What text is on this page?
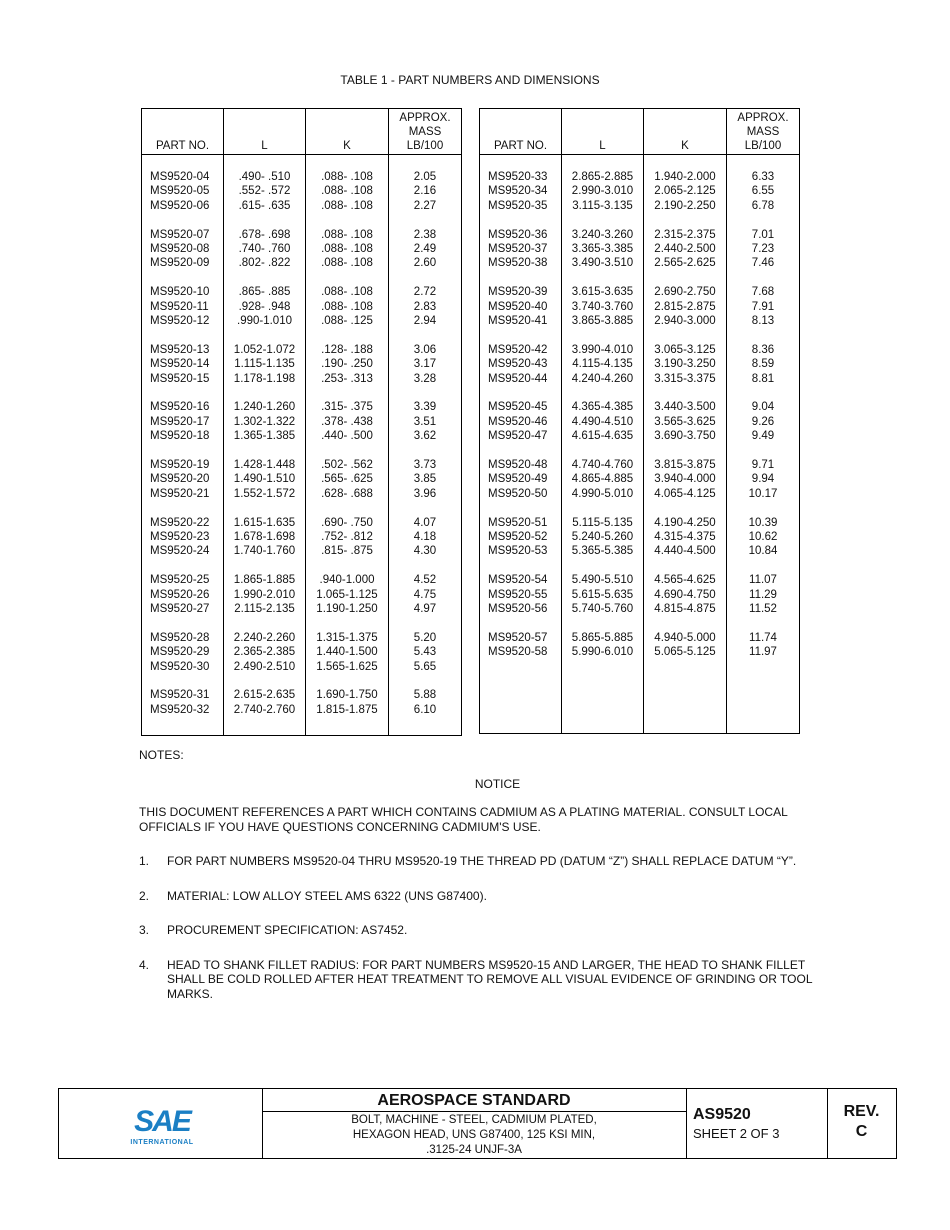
TABLE 1 - PART NUMBERS AND DIMENSIONS
PART NO.	L	K	APPROX.
MASS
LB/100
MS9520-04	.490- .510	.088- .108	2.05
MS9520-05	.552- .572	.088- .108	2.16
MS9520-06	.615- .635	.088- .108	2.27

MS9520-07	.678- .698	.088- .108	2.38
MS9520-08	.740- .760	.088- .108	2.49
MS9520-09	.802- .822	.088- .108	2.60

MS9520-10	.865- .885	.088- .108	2.72
MS9520-11	.928- .948	.088- .108	2.83
MS9520-12	.990-1.010	.088- .125	2.94

MS9520-13	1.052-1.072	.128- .188	3.06
MS9520-14	1.115-1.135	.190- .250	3.17
MS9520-15	1.178-1.198	.253- .313	3.28

MS9520-16	1.240-1.260	.315- .375	3.39
MS9520-17	1.302-1.322	.378- .438	3.51
MS9520-18	1.365-1.385	.440- .500	3.62

MS9520-19	1.428-1.448	.502- .562	3.73
MS9520-20	1.490-1.510	.565- .625	3.85
MS9520-21	1.552-1.572	.628- .688	3.96

MS9520-22	1.615-1.635	.690- .750	4.07
MS9520-23	1.678-1.698	.752- .812	4.18
MS9520-24	1.740-1.760	.815- .875	4.30

MS9520-25	1.865-1.885	.940-1.000	4.52
MS9520-26	1.990-2.010	1.065-1.125	4.75
MS9520-27	2.115-2.135	1.190-1.250	4.97

MS9520-28	2.240-2.260	1.315-1.375	5.20
MS9520-29	2.365-2.385	1.440-1.500	5.43
MS9520-30	2.490-2.510	1.565-1.625	5.65

MS9520-31	2.615-2.635	1.690-1.750	5.88
MS9520-32	2.740-2.760	1.815-1.875	6.10

PART NO.	L	K	APPROX.
MASS
LB/100
MS9520-33	2.865-2.885	1.940-2.000	6.33
MS9520-34	2.990-3.010	2.065-2.125	6.55
MS9520-35	3.115-3.135	2.190-2.250	6.78

MS9520-36	3.240-3.260	2.315-2.375	7.01
MS9520-37	3.365-3.385	2.440-2.500	7.23
MS9520-38	3.490-3.510	2.565-2.625	7.46

MS9520-39	3.615-3.635	2.690-2.750	7.68
MS9520-40	3.740-3.760	2.815-2.875	7.91
MS9520-41	3.865-3.885	2.940-3.000	8.13

MS9520-42	3.990-4.010	3.065-3.125	8.36
MS9520-43	4.115-4.135	3.190-3.250	8.59
MS9520-44	4.240-4.260	3.315-3.375	8.81

MS9520-45	4.365-4.385	3.440-3.500	9.04
MS9520-46	4.490-4.510	3.565-3.625	9.26
MS9520-47	4.615-4.635	3.690-3.750	9.49

MS9520-48	4.740-4.760	3.815-3.875	9.71
MS9520-49	4.865-4.885	3.940-4.000	9.94
MS9520-50	4.990-5.010	4.065-4.125	10.17

MS9520-51	5.115-5.135	4.190-4.250	10.39
MS9520-52	5.240-5.260	4.315-4.375	10.62
MS9520-53	5.365-5.385	4.440-4.500	10.84

MS9520-54	5.490-5.510	4.565-4.625	11.07
MS9520-55	5.615-5.635	4.690-4.750	11.29
MS9520-56	5.740-5.760	4.815-4.875	11.52

MS9520-57	5.865-5.885	4.940-5.000	11.74
MS9520-58	5.990-6.010	5.065-5.125	11.97

NOTES:
NOTICE
THIS DOCUMENT REFERENCES A PART WHICH CONTAINS CADMIUM AS A PLATING MATERIAL. CONSULT LOCAL OFFICIALS IF YOU HAVE QUESTIONS CONCERNING CADMIUM'S USE.
1.	FOR PART NUMBERS MS9520-04 THRU MS9520-19 THE THREAD PD (DATUM “Z”) SHALL REPLACE DATUM “Y”.
2.	MATERIAL: LOW ALLOY STEEL AMS 6322 (UNS G87400).
3.	PROCUREMENT SPECIFICATION: AS7452.
4.	HEAD TO SHANK FILLET RADIUS: FOR PART NUMBERS MS9520-15 AND LARGER, THE HEAD TO SHANK FILLET SHALL BE COLD ROLLED AFTER HEAT TREATMENT TO REMOVE ALL VISUAL EVIDENCE OF GRINDING OR TOOL MARKS.
SAE
INTERNATIONAL
AEROSPACE STANDARD
BOLT, MACHINE - STEEL, CADMIUM PLATED,
HEXAGON HEAD, UNS G87400, 125 KSI MIN,
.3125-24 UNJF-3A
AS9520
SHEET 2 OF 3
REV.
C
